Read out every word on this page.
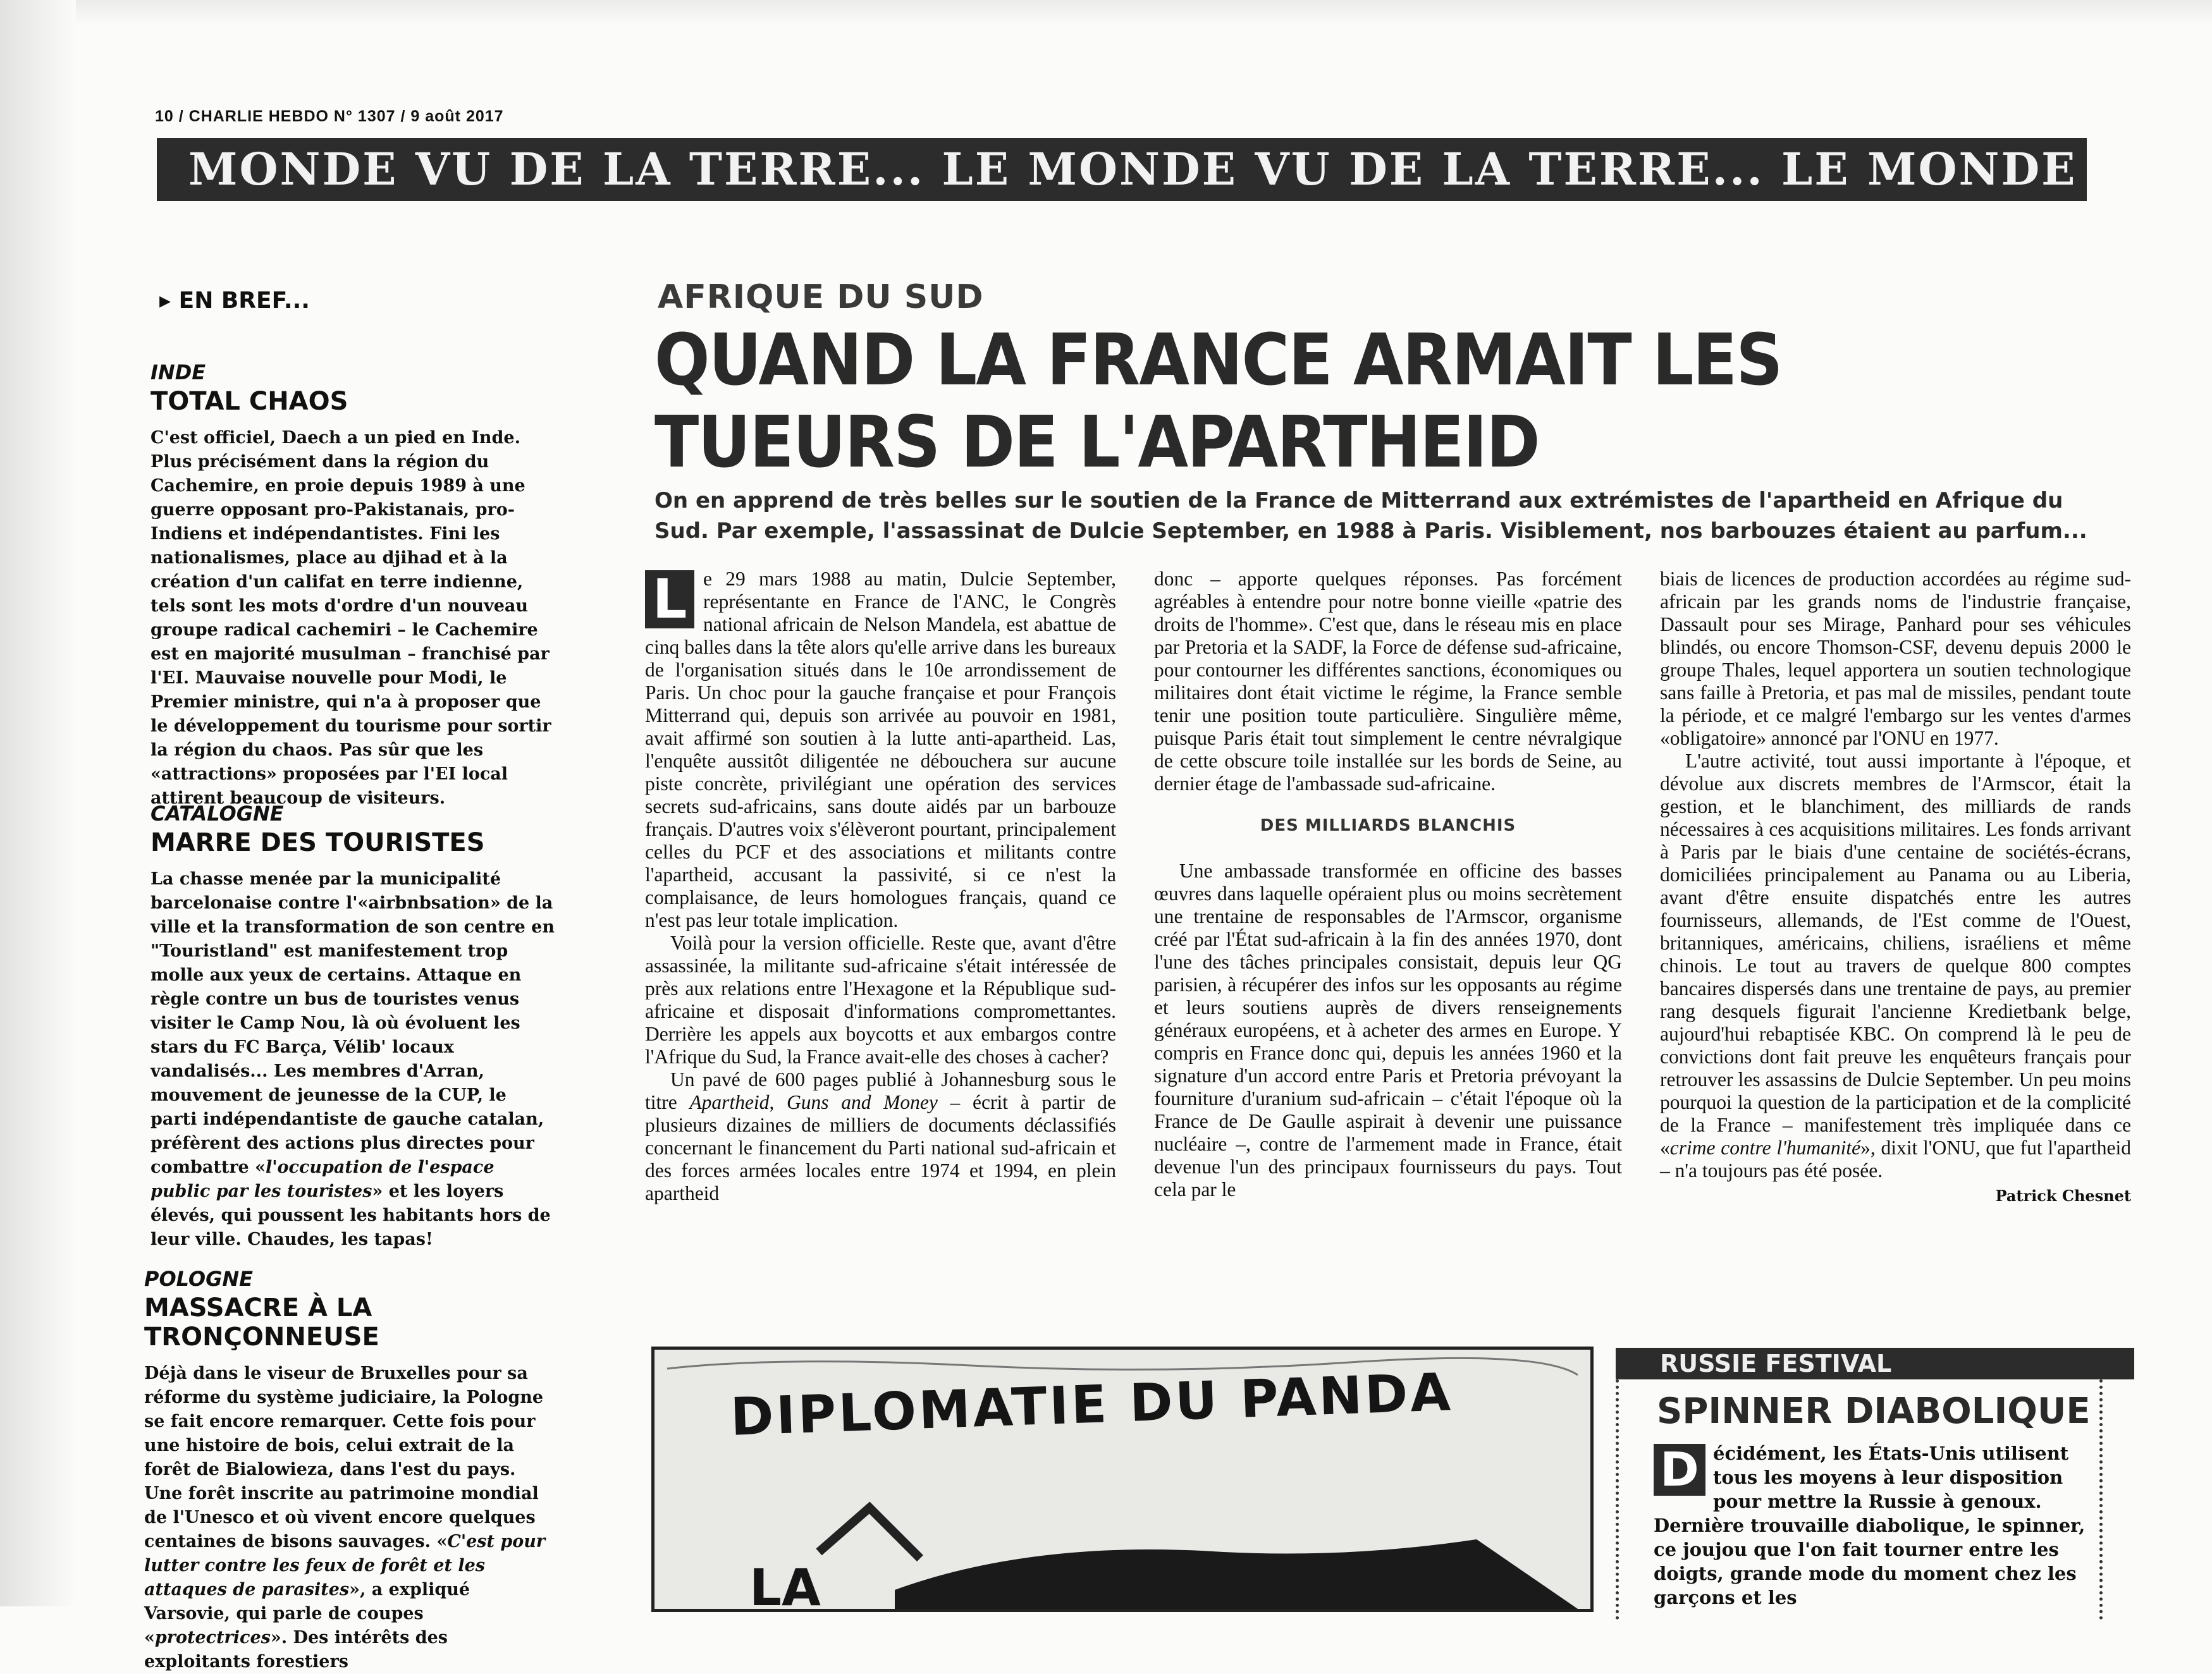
10 / CHARLIE HEBDO N° 1307 / 9 août 2017
MONDE VU DE LA TERRE... LE MONDE VU DE LA TERRE... LE MONDE
▸ EN BREF...
INDE
TOTAL CHAOS
C'est officiel, Daech a un pied en Inde. Plus précisément dans la région du Cachemire, en proie depuis 1989 à une guerre opposant pro-Pakistanais, pro-Indiens et indépendantistes. Fini les nationalismes, place au djihad et à la création d'un califat en terre indienne, tels sont les mots d'ordre d'un nouveau groupe radical cachemiri – le Cachemire est en majorité musulman – franchisé par l'EI. Mauvaise nouvelle pour Modi, le Premier ministre, qui n'a à proposer que le développement du tourisme pour sortir la région du chaos. Pas sûr que les «attractions» proposées par l'EI local attirent beaucoup de visiteurs.
CATALOGNE
MARRE DES TOURISTES
La chasse menée par la municipalité barcelonaise contre l'«airbnbsation» de la ville et la transformation de son centre en "Touristland" est manifestement trop molle aux yeux de certains. Attaque en règle contre un bus de touristes venus visiter le Camp Nou, là où évoluent les stars du FC Barça, Vélib' locaux vandalisés... Les membres d'Arran, mouvement de jeunesse de la CUP, le parti indépendantiste de gauche catalan, préfèrent des actions plus directes pour combattre «l'occupation de l'espace public par les touristes» et les loyers élevés, qui poussent les habitants hors de leur ville. Chaudes, les tapas!
POLOGNE
MASSACRE À LA TRONÇONNEUSE
Déjà dans le viseur de Bruxelles pour sa réforme du système judiciaire, la Pologne se fait encore remarquer. Cette fois pour une histoire de bois, celui extrait de la forêt de Bialowieza, dans l'est du pays. Une forêt inscrite au patrimoine mondial de l'Unesco et où vivent encore quelques centaines de bisons sauvages. «C'est pour lutter contre les feux de forêt et les attaques de parasites», a expliqué Varsovie, qui parle de coupes «protectrices». Des intérêts des exploitants forestiers
AFRIQUE DU SUD
QUAND LA FRANCE ARMAIT LES TUEURS DE L'APARTHEID
On en apprend de très belles sur le soutien de la France de Mitterrand aux extrémistes de l'apartheid en Afrique du Sud. Par exemple, l'assassinat de Dulcie September, en 1988 à Paris. Visiblement, nos barbouzes étaient au parfum...

L e 29 mars 1988 au matin, Dulcie September, représentante en France de l'ANC, le Congrès national africain de Nelson Mandela, est abattue de cinq balles dans la tête alors qu'elle arrive dans les bureaux de l'organisation situés dans le 10e arrondissement de Paris. Un choc pour la gauche française et pour François Mitterrand qui, depuis son arrivée au pouvoir en 1981, avait affirmé son soutien à la lutte anti-apartheid. Las, l'enquête aussitôt diligentée ne débouchera sur aucune piste concrète, privilégiant une opération des services secrets sud-africains, sans doute aidés par un barbouze français. D'autres voix s'élèveront pourtant, principalement celles du PCF et des associations et militants contre l'apartheid, accusant la passivité, si ce n'est la complaisance, de leurs homologues français, quand ce n'est pas leur totale implication.

Voilà pour la version officielle. Reste que, avant d'être assassinée, la militante sud-africaine s'était intéressée de près aux relations entre l'Hexagone et la République sud-africaine et disposait d'informations compromettantes. Derrière les appels aux boycotts et aux embargos contre l'Afrique du Sud, la France avait-elle des choses à cacher?

Un pavé de 600 pages publié à Johannesburg sous le titre Apartheid, Guns and Money – écrit à partir de plusieurs dizaines de milliers de documents déclassifiés concernant le financement du Parti national sud-africain et des forces armées locales entre 1974 et 1994, en plein apartheid

donc – apporte quelques réponses. Pas forcément agréables à entendre pour notre bonne vieille «patrie des droits de l'homme». C'est que, dans le réseau mis en place par Pretoria et la SADF, la Force de défense sud-africaine, pour contourner les différentes sanctions, économiques ou militaires dont était victime le régime, la France semble tenir une position toute particulière. Singulière même, puisque Paris était tout simplement le centre névralgique de cette obscure toile installée sur les bords de Seine, au dernier étage de l'ambassade sud-africaine.

DES MILLIARDS BLANCHIS

Une ambassade transformée en officine des basses œuvres dans laquelle opéraient plus ou moins secrètement une trentaine de responsables de l'Armscor, organisme créé par l'État sud-africain à la fin des années 1970, dont l'une des tâches principales consistait, depuis leur QG parisien, à récupérer des infos sur les opposants au régime et leurs soutiens auprès de divers renseignements généraux européens, et à acheter des armes en Europe. Y compris en France donc qui, depuis les années 1960 et la signature d'un accord entre Paris et Pretoria prévoyant la fourniture d'uranium sud-africain – c'était l'époque où la France de De Gaulle aspirait à devenir une puissance nucléaire –, contre de l'armement made in France, était devenue l'un des principaux fournisseurs du pays. Tout cela par le

biais de licences de production accordées au régime sud-africain par les grands noms de l'industrie française, Dassault pour ses Mirage, Panhard pour ses véhicules blindés, ou encore Thomson-CSF, devenu depuis 2000 le groupe Thales, lequel apportera un soutien technologique sans faille à Pretoria, et pas mal de missiles, pendant toute la période, et ce malgré l'embargo sur les ventes d'armes «obligatoire» annoncé par l'ONU en 1977.

L'autre activité, tout aussi importante à l'époque, et dévolue aux discrets membres de l'Armscor, était la gestion, et le blanchiment, des milliards de rands nécessaires à ces acquisitions militaires. Les fonds arrivant à Paris par le biais d'une centaine de sociétés-écrans, domiciliées principalement au Panama ou au Liberia, avant d'être ensuite dispatchés entre les autres fournisseurs, allemands, de l'Est comme de l'Ouest, britanniques, américains, chiliens, israéliens et même chinois. Le tout au travers de quelque 800 comptes bancaires dispersés dans une trentaine de pays, au premier rang desquels figurait l'ancienne Kredietbank belge, aujourd'hui rebaptisée KBC. On comprend là le peu de convictions dont fait preuve les enquêteurs français pour retrouver les assassins de Dulcie September. Un peu moins pourquoi la question de la participation et de la complicité de la France – manifestement très impliquée dans ce «crime contre l'humanité», dixit l'ONU, que fut l'apartheid – n'a toujours pas été posée.

Patrick Chesnet
DIPLOMATIE DU PANDA
LA
RUSSIE FESTIVAL
SPINNER DIABOLIQUE
D écidément, les États-Unis utilisent tous les moyens à leur disposition pour mettre la Russie à genoux. Dernière trouvaille diabolique, le spinner, ce joujou que l'on fait tourner entre les doigts, grande mode du moment chez les garçons et les
